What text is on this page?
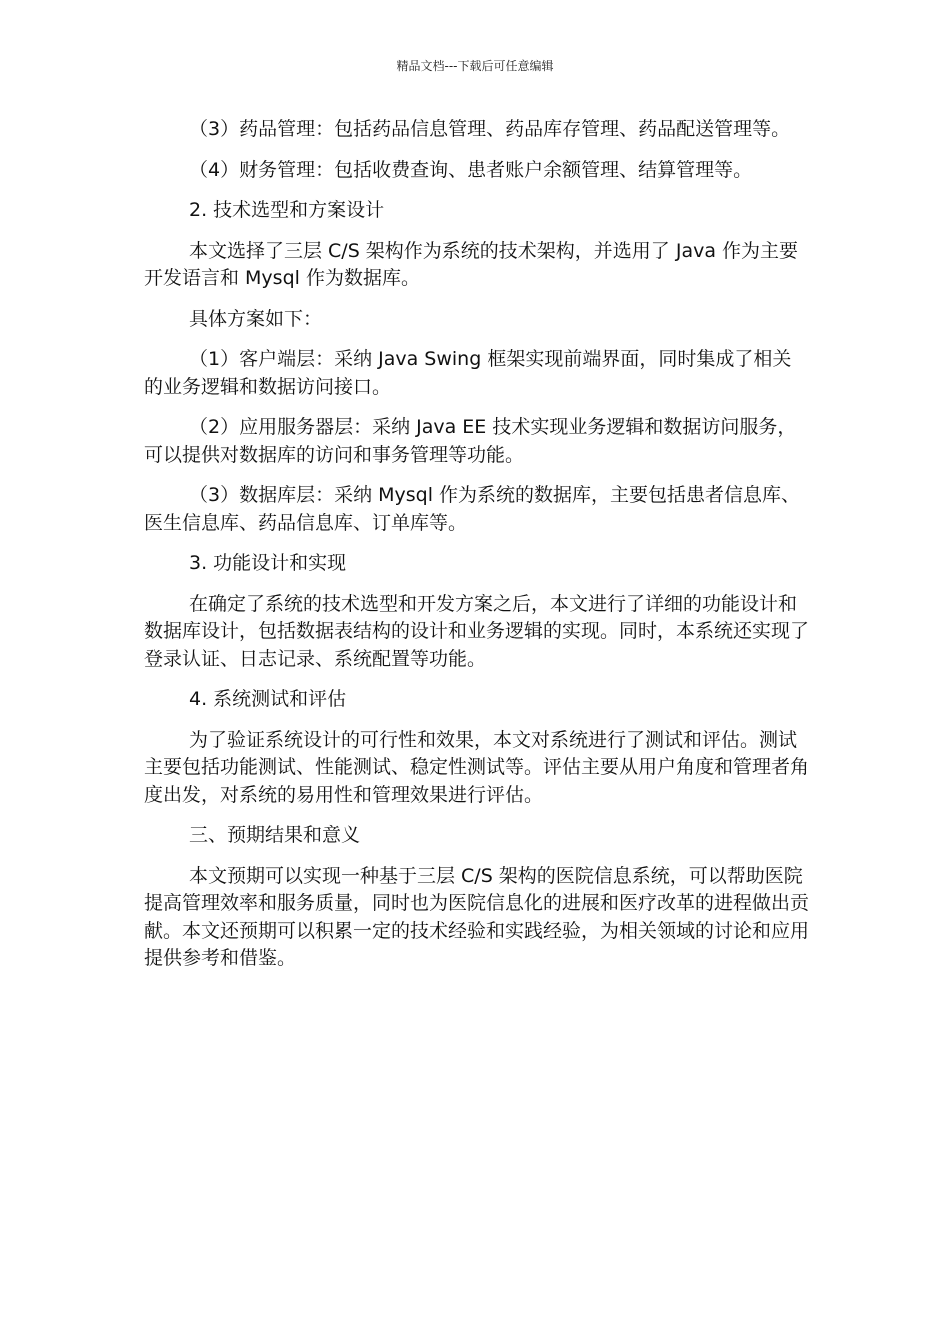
精品文档---下载后可任意编辑

（3）药品管理：包括药品信息管理、药品库存管理、药品配送管理等。

（4）财务管理：包括收费查询、患者账户余额管理、结算管理等。

2. 技术选型和方案设计

本文选择了三层 C/S 架构作为系统的技术架构，并选用了 Java 作为主要开发语言和 Mysql 作为数据库。

具体方案如下：

（1）客户端层：采纳 Java Swing 框架实现前端界面，同时集成了相关的业务逻辑和数据访问接口。

（2）应用服务器层：采纳 Java EE 技术实现业务逻辑和数据访问服务，可以提供对数据库的访问和事务管理等功能。

（3）数据库层：采纳 Mysql 作为系统的数据库，主要包括患者信息库、医生信息库、药品信息库、订单库等。

3. 功能设计和实现

在确定了系统的技术选型和开发方案之后，本文进行了详细的功能设计和数据库设计，包括数据表结构的设计和业务逻辑的实现。同时，本系统还实现了登录认证、日志记录、系统配置等功能。

4. 系统测试和评估

为了验证系统设计的可行性和效果，本文对系统进行了测试和评估。测试主要包括功能测试、性能测试、稳定性测试等。评估主要从用户角度和管理者角度出发，对系统的易用性和管理效果进行评估。

三、预期结果和意义

本文预期可以实现一种基于三层 C/S 架构的医院信息系统，可以帮助医院提高管理效率和服务质量，同时也为医院信息化的进展和医疗改革的进程做出贡献。本文还预期可以积累一定的技术经验和实践经验，为相关领域的讨论和应用提供参考和借鉴。
